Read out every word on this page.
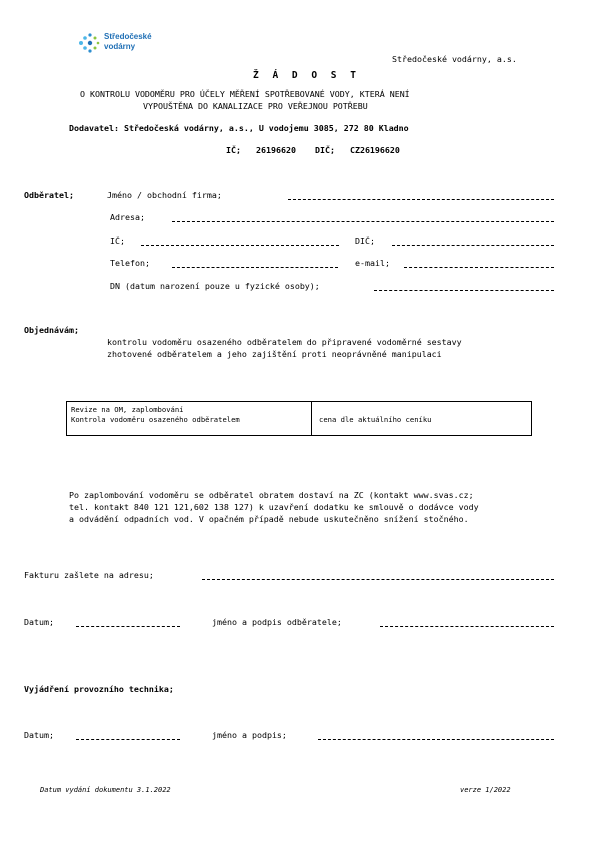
Středočeské
vodárny
Středočeské vodárny, a.s.
Ž Á D O S T
O KONTROLU VODOMĚRU PRO ÚČELY MĚŘENÍ SPOTŘEBOVANÉ VODY, KTERÁ NENÍ
VYPOUŠTĚNA DO KANALIZACE PRO VEŘEJNOU POTŘEBU
Dodavatel: Středočeská vodárny, a.s., U vodojemu 3085, 272 80 Kladno
IČ; 26196620 DIČ; CZ26196620
Odběratel;	Jméno / obchodní firma;
Adresa;
IČ;	DIČ;
Telefon;	e-mail;
DN (datum narození pouze u fyzické osoby);
Objednávám;
kontrolu vodoměru osazeného odběratelem do připravené vodoměrné sestavy
zhotovené odběratelem a jeho zajištění proti neoprávněné manipulaci
Revize na OM, zaplombování
Kontrola vodoměru osazeného odběratelem	cena dle aktuálního ceníku
Po zaplombování vodoměru se odběratel obratem dostaví na ZC (kontakt www.svas.cz;
tel. kontakt 840 121 121,602 138 127) k uzavření dodatku ke smlouvě o dodávce vody
a odvádění odpadních vod. V opačném případě nebude uskutečněno snížení stočného.
Fakturu zašlete na adresu;
Datum;	jméno a podpis odběratele;
Vyjádření provozního technika;
Datum;	jméno a podpis;
Datum vydání dokumentu 3.1.2022	verze 1/2022
